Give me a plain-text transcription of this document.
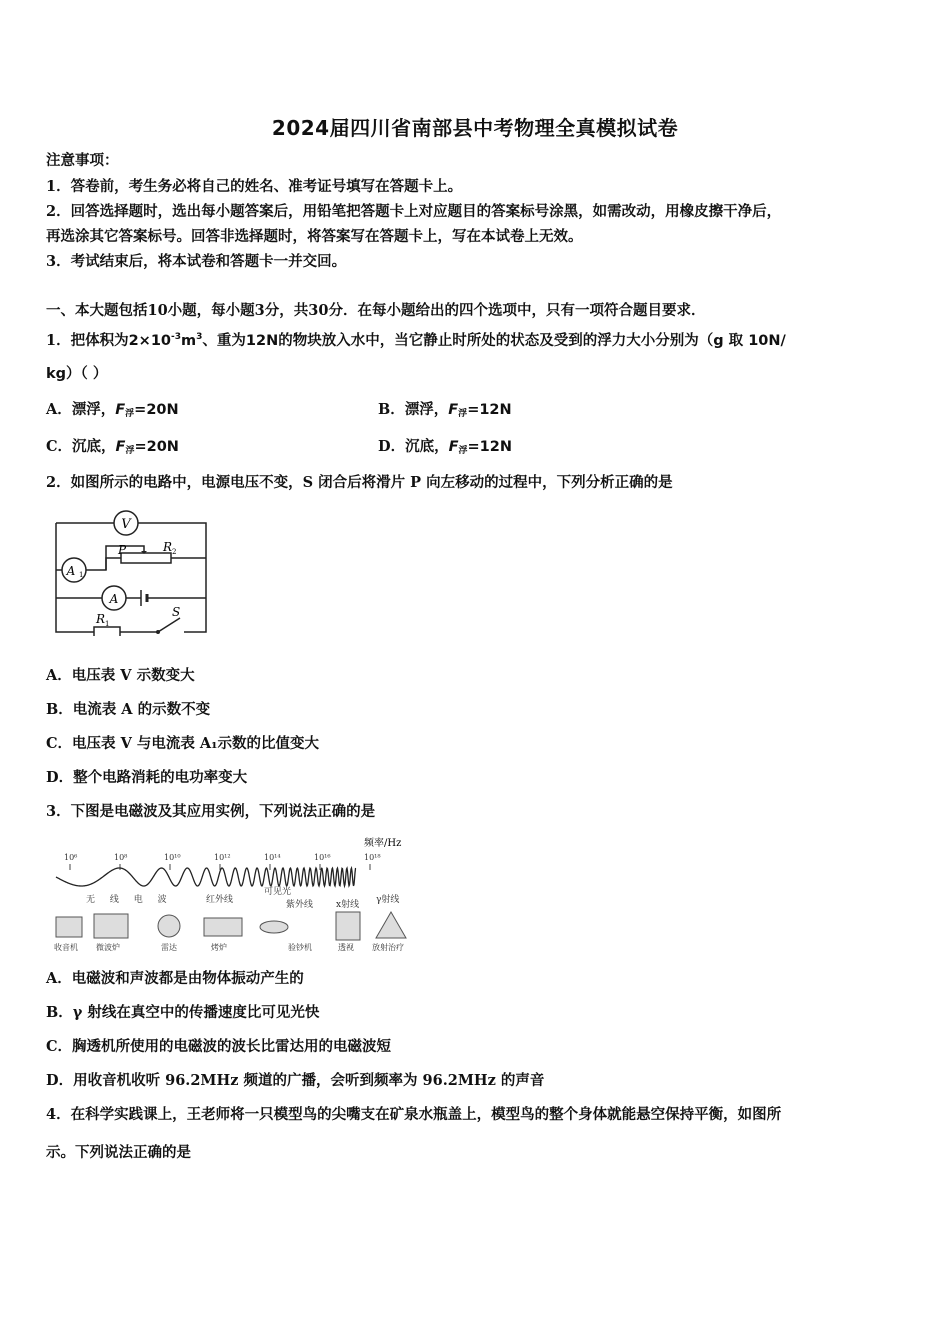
2024届四川省南部县中考物理全真模拟试卷
注意事项：
1．答卷前，考生务必将自己的姓名、准考证号填写在答题卡上。
2．回答选择题时，选出每小题答案后，用铅笔把答题卡上对应题目的答案标号涂黑，如需改动，用橡皮擦干净后，
再选涂其它答案标号。回答非选择题时，将答案写在答题卡上，写在本试卷上无效。
3．考试结束后，将本试卷和答题卡一并交回。
一、本大题包括10小题，每小题3分，共30分．在每小题给出的四个选项中，只有一项符合题目要求．
1．把体积为$2\times 10^{-3}m^3$、重为12N的物块放入水中，当它静止时所处的状态及受到的浮力大小分别为（g 取 10N/
kg）（ ）
A．漂浮，$F_浮=20N$	B．漂浮，$F_浮=12N$
C．沉底，$F_浮=20N$	D．沉底，$F_浮=12N$
2．如图所示的电路中，电源电压不变，S 闭合后将滑片 P 向左移动的过程中，下列分析正确的是
V
A 1
A
P	R 2
R 1
S
A．电压表 V 示数变大
B．电流表 A 的示数不变
C．电压表 V 与电流表 A₁示数的比值变大
D．整个电路消耗的电功率变大
3．下图是电磁波及其应用实例，下列说法正确的是
频率/Hz
10⁶	10⁸	10¹⁰	10¹²	10¹⁴	10¹⁶	10¹⁸
无 线 电 波	红外线
可见光
紫外线	x射线 γ射线
收音机 微波炉	雷达	烤炉	验钞机	透视 放射治疗
A．电磁波和声波都是由物体振动产生的
B．γ 射线在真空中的传播速度比可见光快
C．胸透机所使用的电磁波的波长比雷达用的电磁波短
D．用收音机收听 96.2MHz 频道的广播，会听到频率为 96.2MHz 的声音
4．在科学实践课上，王老师将一只模型鸟的尖嘴支在矿泉水瓶盖上，模型鸟的整个身体就能悬空保持平衡，如图所
示。下列说法正确的是
